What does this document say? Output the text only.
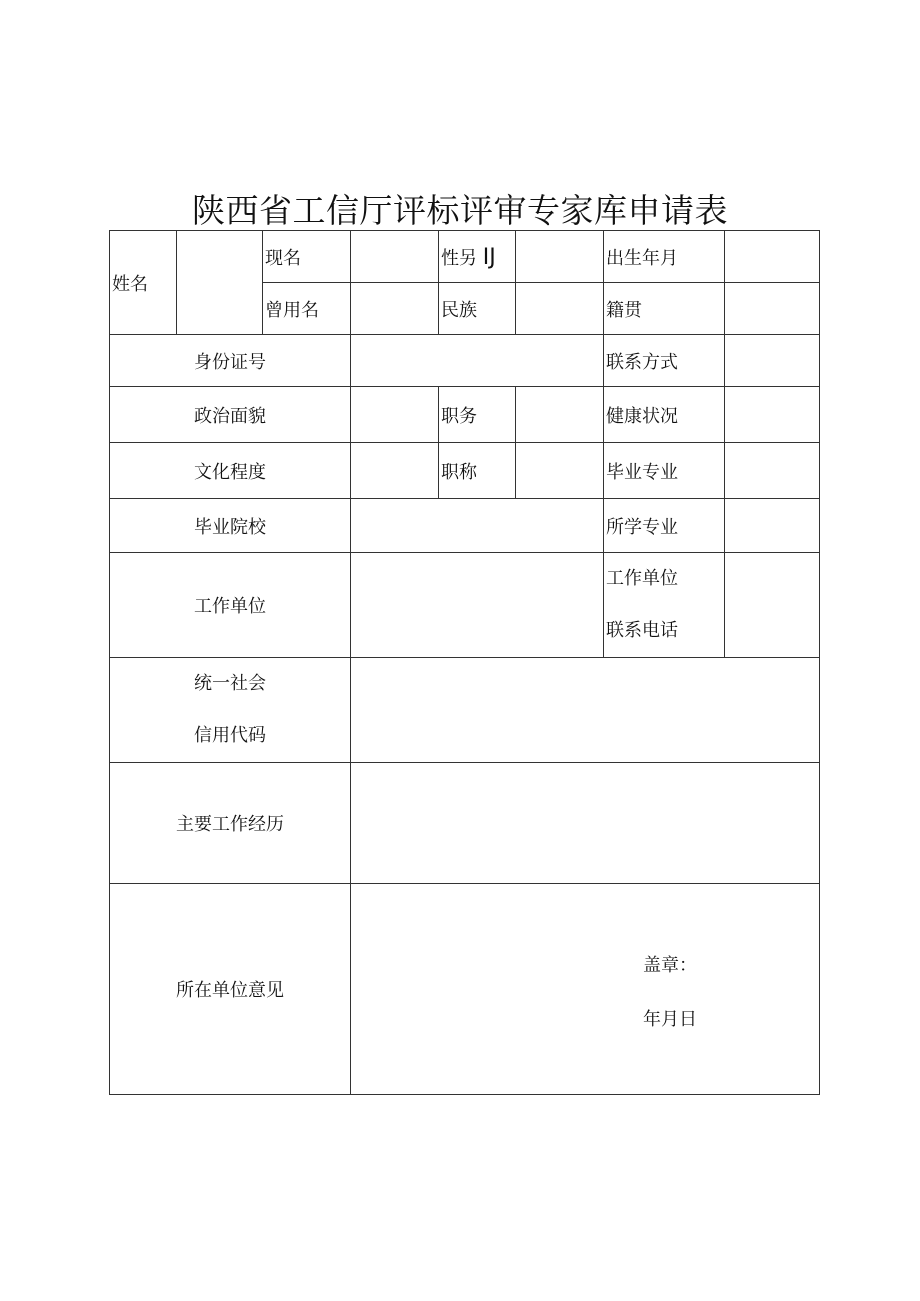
陕西省工信厅评标评审专家库申请表
姓名		现名		性另 IJ		出生年月	
		曾用名		民族		籍贯	
身份证号						联系方式	
政治面貌				职务		健康状况	
文化程度				职称		毕业专业	
毕业院校						所学专业	
工作单位						工作单位
联系电话	

统一社会
信用代码							

主要工作经历							
所在单位意见			盖章：
年月日				
